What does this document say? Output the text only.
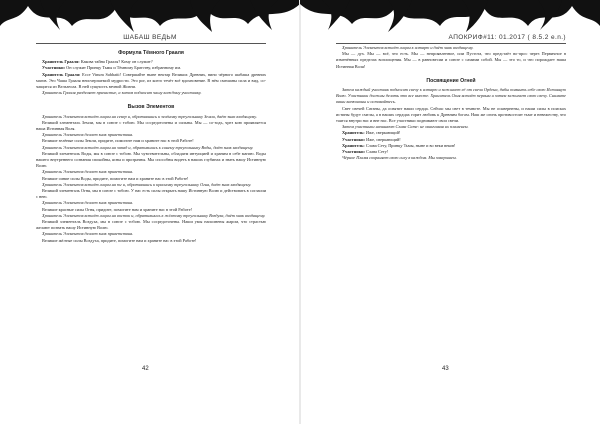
ШАБАШ ВЕДЬМ
Формула Тёмного Грааля

Хранитель Грааля: Какова тайна Грааля? Кому он служит?

Участники: Он служит Принцу Тьмы и Тёмному Братству, избранному им.

Хранитель Грааля: Ecce Vinum Sabbatti! Совершайте ныне нектар Великих Древних, вино чёрного шабаша древних магов. Это Чаша Грааля неисчерпаемой мудрости. Это рог, из коего течёт всё вдохновение. В нём смешаны сила и вид, со-чащиеся из Вельзеола. В ней сущность вечной Жизни.

Хранитель Грааля разделяет причастие, а затем подносит чашу каждому участнику.

Вызов Элементов

Хранитель Элементов встаёт лицом на север и, обратившись к зелёному треугольнику Земли, даёт знак входящему.

Великий элементаль Земли, мы в союзе с тобою. Мы сосредоточены и сильны. Мы — со-зодь, чрез кою проявляется наша Истинная Воля.

Хранитель Элементов делает знак приветствия.

Великие зелёные силы Земли, придите, помогите нам и храните нас в этой Работе!

Хранитель Элементов встаёт лицом на запад и, обратившись к синему треугольнику Воды, даёт знак входящему.

Великий элементаль Воды, мы в союзе с тобою. Мы чувствительны, обладаем интуицией и храним в себе магию. Воды нашего внутреннего сознания спокойны, ясны и прозрачны. Мы способны видеть в наших глубинах и знать нашу Истинную Волю.

Хранитель Элементов делает знак приветствия.

Великие синие силы Воды, придите, помогите нам и храните нас в этой Работе!

Хранитель Элементов встаёт лицом на юг и, обратившись к красному треугольнику Огня, даёт знак входящему.

Великий элементаль Огня, мы в союзе с тобою. У нас есть силы открыть нашу Истинную Волю и действовать в согласии с нею.

Хранитель Элементов делает знак приветствия.

Великие красные силы Огня, придите, помогите нам и храните нас в этой Работе!

Хранитель Элементов встаёт лицом на восток и, обратившись к жёлтому треугольнику Воздуха, даёт знак входящему.

Великий элементаль Воздуха, мы в союзе с тобою. Мы сосредоточены. Наши умы наполнены жаром, что страстью желают познать нашу Истинную Волю.

Хранитель Элементов делает знак приветствия.

Великие жёлтые силы Воздуха, придите, помогите нам и храните нас в этой Работе!

42
АПОКРИФ#11: 01.2017 ( 8.5.2 e.n.)

Хранитель Элементов встаёт лицом к алтарю и даёт знак входящему.

Мы — дух. Мы — всё, что есть. Мы — непроявленное, или Пустота, что предстаёт во-прос через Первичное в изменённых пределах воплощения. Мы — в равновесии и союзе с самими собой. Мы — это то, и что порождает наша Истинная Воля!

Посвящение Огней

Затем каждый участник подносит свечу к алтарю и зажигает её от свечи Ордена, дабы помнить себе свою Истинную Волю. Участники должны делать это все вместе. Хранитель Огня встаёт первым и затем зажигает свою свечу. Снимите ваши капюшоны и оставайтесь.

Свет свечей Сатаны, да освятит наши сердца. Сейчас мы свет в темноте. Мы не осквернены, и наши силы в поисках истины будут смелы, а в наших сердцах горит любовь к Древним богам. Наш же огонь противостоит тьме и невежеству, что таятся внутри нас и вне нас. Все участники поднимают свои свечи.

Затем участники начинают Слава Сате: не оканчивая их пламенем.

Хранитель: Иже, сверкающий!

Участники: Иже, сверкающий!

Хранитель: Слава Сету, Принцу Тьмы, ныне и во веки веков!

Участники: Слава Сету!

Чёрное Пламя сохраняет свою силу в каждом. Мы завершаем.

43
